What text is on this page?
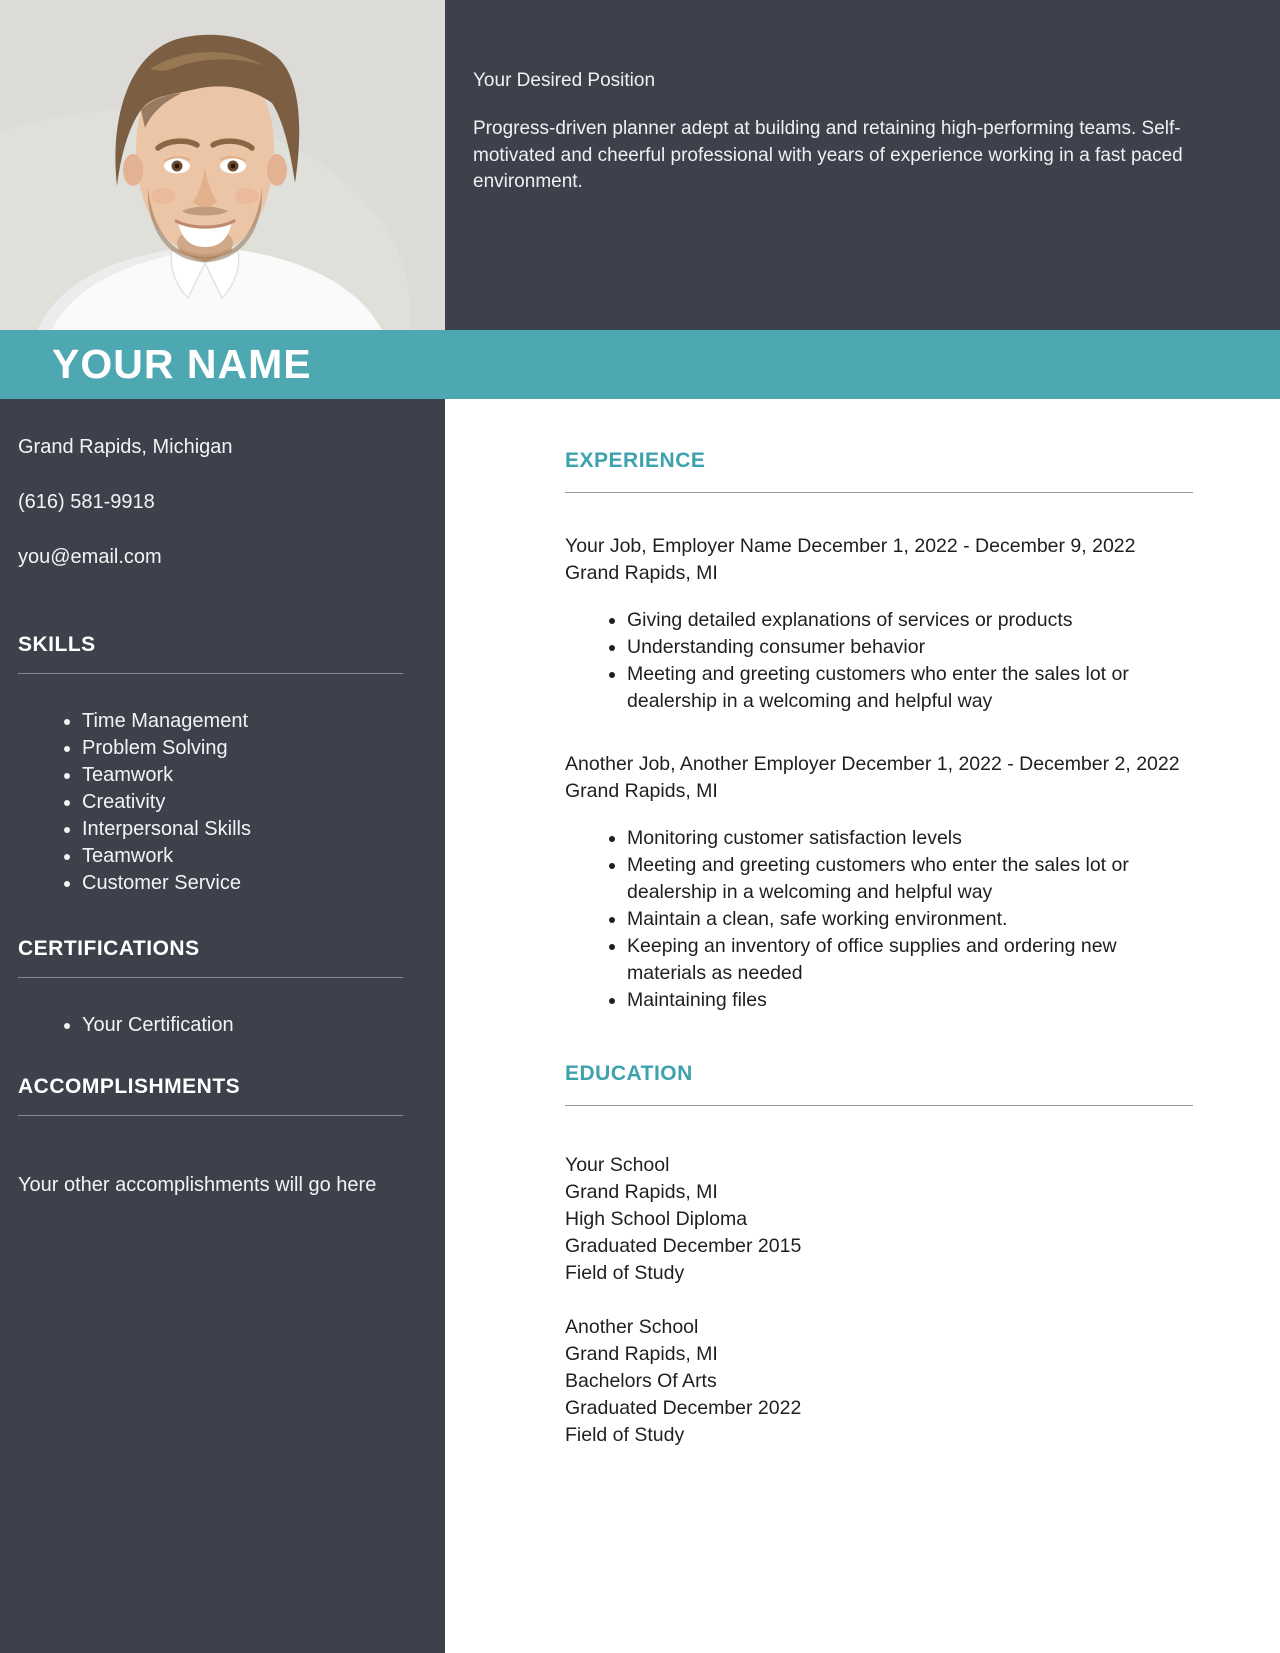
Your Desired Position

Progress-driven planner adept at building and retaining high-performing teams. Self-motivated and cheerful professional with years of experience working in a fast paced environment.

YOUR NAME
Grand Rapids, Michigan
(616) 581-9918
you@email.com
SKILLS
• Time Management
• Problem Solving
• Teamwork
• Creativity
• Interpersonal Skills
• Teamwork
• Customer Service
CERTIFICATIONS
• Your Certification
ACCOMPLISHMENTS

Your other accomplishments will go here

EXPERIENCE
Your Job, Employer Name December 1, 2022 - December 9, 2022
Grand Rapids, MI
• Giving detailed explanations of services or products
• Understanding consumer behavior
• Meeting and greeting customers who enter the sales lot or dealership in a welcoming and helpful way
Another Job, Another Employer December 1, 2022 - December 2, 2022
Grand Rapids, MI
• Monitoring customer satisfaction levels
• Meeting and greeting customers who enter the sales lot or dealership in a welcoming and helpful way
• Maintain a clean, safe working environment.
• Keeping an inventory of office supplies and ordering new materials as needed
• Maintaining files
EDUCATION
Your School
Grand Rapids, MI
High School Diploma
Graduated December 2015
Field of Study
Another School
Grand Rapids, MI
Bachelors Of Arts
Graduated December 2022
Field of Study
